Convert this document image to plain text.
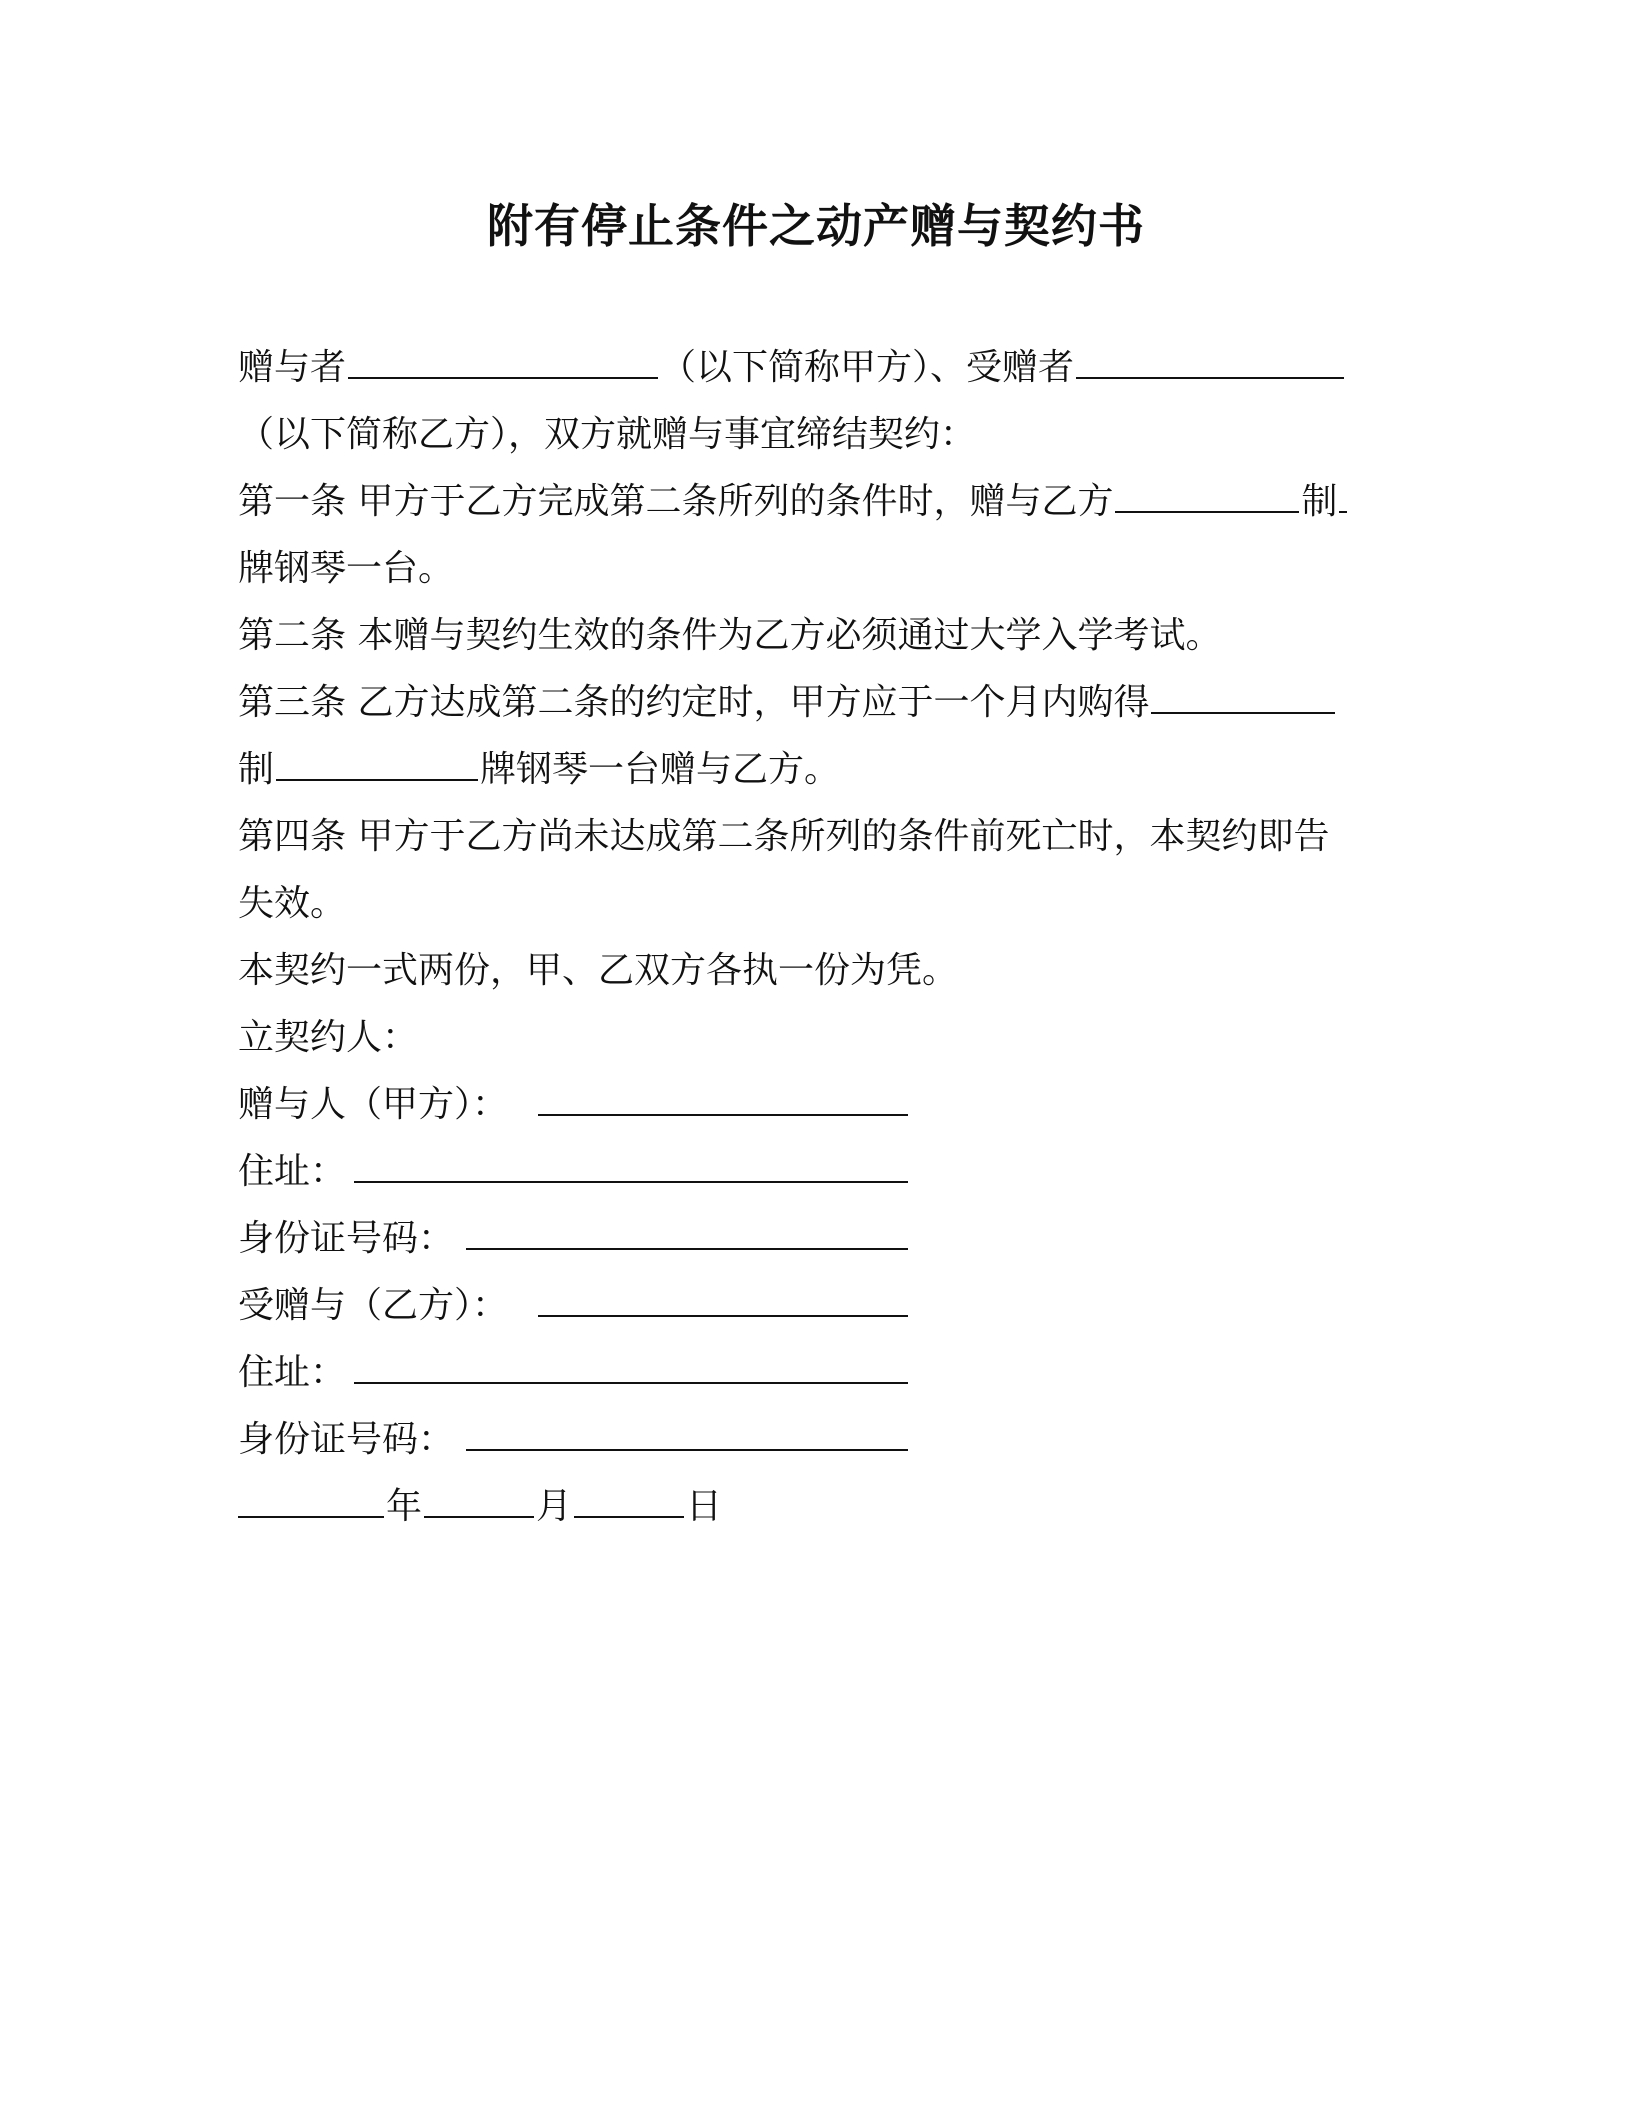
附有停止条件之动产赠与契约书
赠与者	（以下简称甲方）、受赠者
（以下简称乙方），双方就赠与事宜缔结契约：
第一条 甲方于乙方完成第二条所列的条件时，赠与乙方	制
牌钢琴一台。
第二条 本赠与契约生效的条件为乙方必须通过大学入学考试。
第三条 乙方达成第二条的约定时，甲方应于一个月内购得
制	牌钢琴一台赠与乙方。
第四条 甲方于乙方尚未达成第二条所列的条件前死亡时，本契约即告
失效。
本契约一式两份，甲、乙双方各执一份为凭。
立契约人：
赠与人（甲方）：
住址：
身份证号码：
受赠与（乙方）：
住址：
身份证号码：
年	月	日
